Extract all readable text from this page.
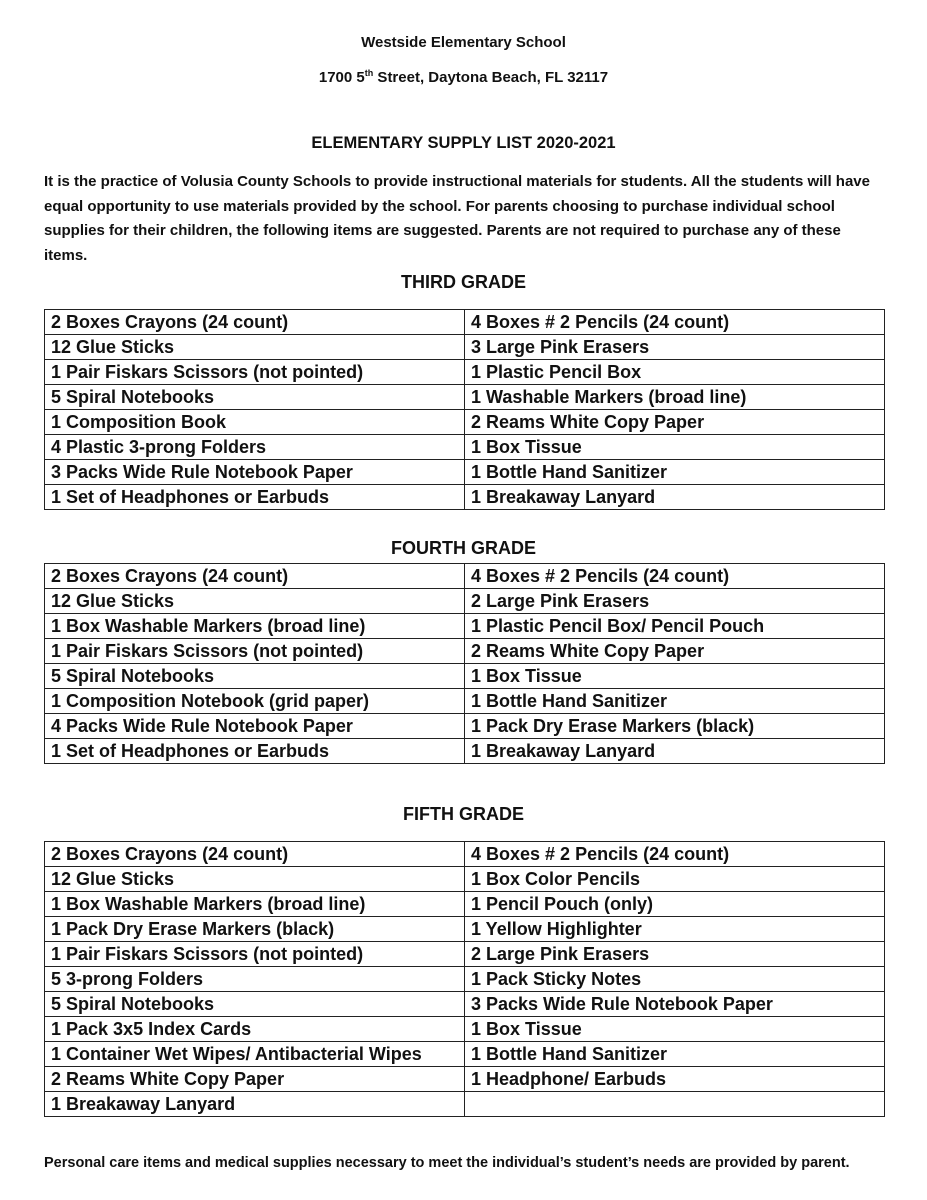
Westside Elementary School
1700 5th Street, Daytona Beach, FL 32117
ELEMENTARY SUPPLY LIST 2020-2021
It is the practice of Volusia County Schools to provide instructional materials for students. All the students will have equal opportunity to use materials provided by the school. For parents choosing to purchase individual school supplies for their children, the following items are suggested. Parents are not required to purchase any of these items.
THIRD GRADE
2 Boxes Crayons (24 count)	4 Boxes # 2 Pencils (24 count)
12 Glue Sticks	3 Large Pink Erasers
1 Pair Fiskars Scissors (not pointed)	1 Plastic Pencil Box
5 Spiral Notebooks	1 Washable Markers (broad line)
1 Composition Book	2 Reams White Copy Paper
4 Plastic 3-prong Folders	1 Box Tissue
3 Packs Wide Rule Notebook Paper	1 Bottle Hand Sanitizer
1 Set of Headphones or Earbuds	1 Breakaway Lanyard
FOURTH GRADE
2 Boxes Crayons (24 count)	4 Boxes # 2 Pencils (24 count)
12 Glue Sticks	2 Large Pink Erasers
1 Box Washable Markers (broad line)	1 Plastic Pencil Box/ Pencil Pouch
1 Pair Fiskars Scissors (not pointed)	2 Reams White Copy Paper
5 Spiral Notebooks	1 Box Tissue
1 Composition Notebook (grid paper)	1 Bottle Hand Sanitizer
4 Packs Wide Rule Notebook Paper	1 Pack Dry Erase Markers (black)
1 Set of Headphones or Earbuds	1 Breakaway Lanyard
FIFTH GRADE
2 Boxes Crayons (24 count)	4 Boxes # 2 Pencils (24 count)
12 Glue Sticks	1 Box Color Pencils
1 Box Washable Markers (broad line)	1 Pencil Pouch (only)
1 Pack Dry Erase Markers (black)	1 Yellow Highlighter
1 Pair Fiskars Scissors (not pointed)	2 Large Pink Erasers
5 3-prong Folders	1 Pack Sticky Notes
5 Spiral Notebooks	3 Packs Wide Rule Notebook Paper
1 Pack 3x5 Index Cards	1 Box Tissue
1 Container Wet Wipes/ Antibacterial Wipes	1 Bottle Hand Sanitizer
2 Reams White Copy Paper	1 Headphone/ Earbuds
1 Breakaway Lanyard	
Personal care items and medical supplies necessary to meet the individual’s student’s needs are provided by parent.
